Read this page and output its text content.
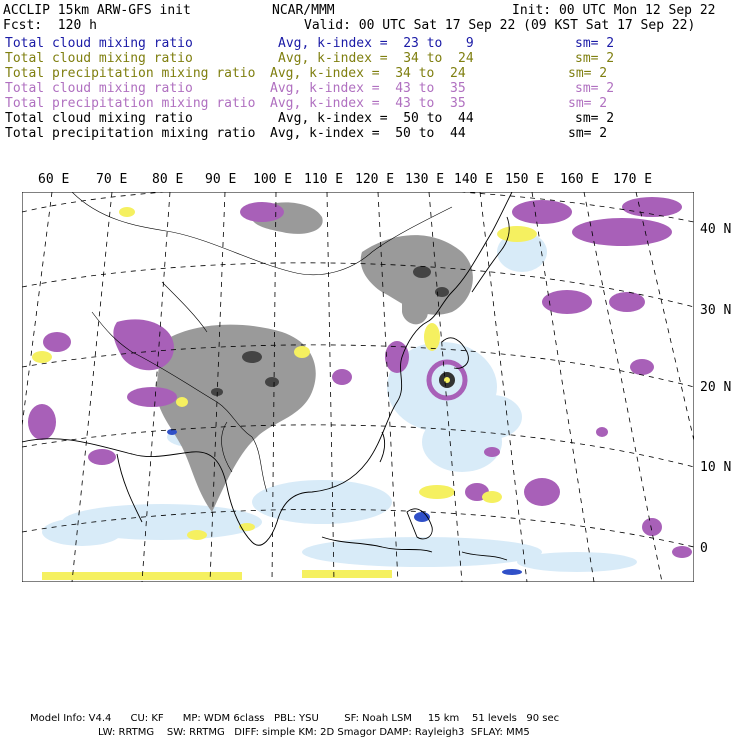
ACCLIP 15km ARW-GFS init	NCAR/MMM	Init: 00 UTC Mon 12 Sep 22
Fcst:  120 h	Valid: 00 UTC Sat 17 Sep 22 (09 KST Sat 17 Sep 22)
Total cloud mixing ratio	Avg, k-index =  23 to   9	sm= 2
Total cloud mixing ratio	Avg, k-index =  34 to  24	sm= 2
Total precipitation mixing ratio Avg, k-index =  34 to  24	sm= 2
Total cloud mixing ratio	Avg, k-index =  43 to  35	sm= 2
Total precipitation mixing ratio Avg, k-index =  43 to  35	sm= 2
Total cloud mixing ratio	Avg, k-index =  50 to  44	sm= 2
Total precipitation mixing ratio Avg, k-index =  50 to  44	sm= 2
60 E 70 E 80 E 90 E 100 E 110 E 120 E 130 E 140 E 150 E 160 E 170 E
40 N
30 N
20 N
10 N
0
Model Info: V4.4      CU: KF      MP: WDM 6class   PBL: YSU        SF: Noah LSM     15 km    51 levels   90 sec
LW: RRTMG    SW: RRTMG   DIFF: simple KM: 2D Smagor DAMP: Rayleigh3  SFLAY: MM5
